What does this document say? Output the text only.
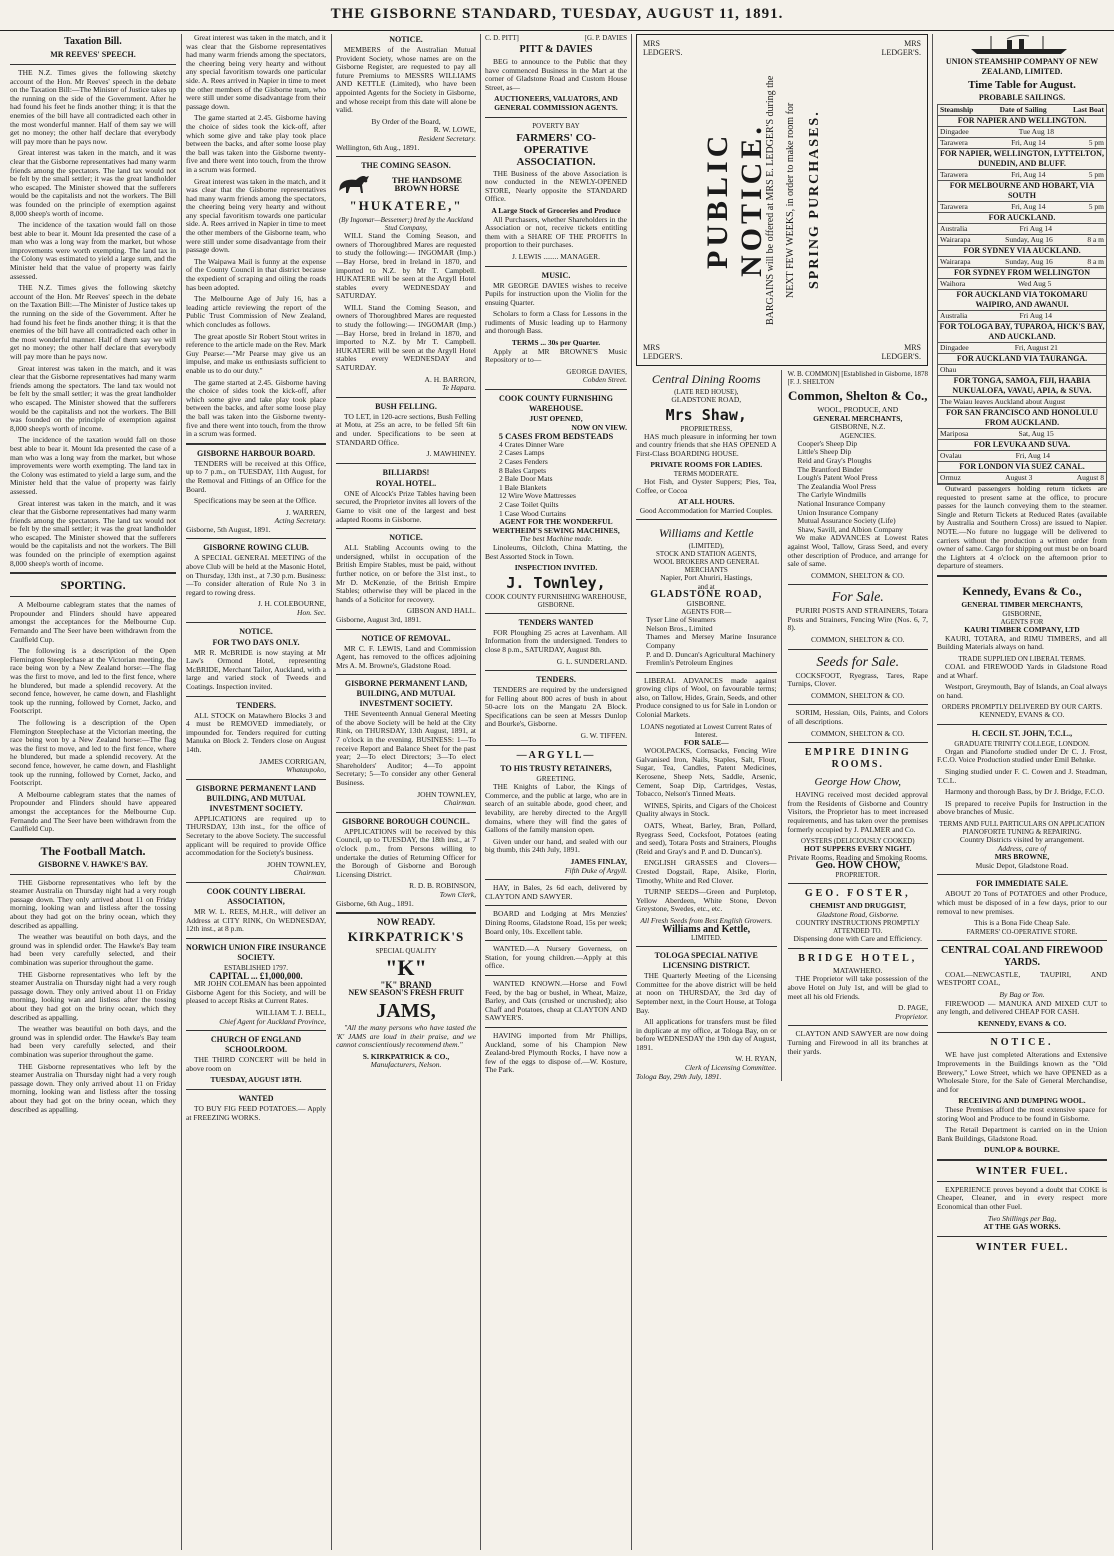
THE GISBORNE STANDARD, TUESDAY, AUGUST 11, 1891.
Taxation Bill.
MR REEVES' SPEECH.

THE N.Z. Times gives the following sketchy account of the Hon. Mr Reeves' speech in the debate on the Taxation Bill:—The Minister of Justice takes up the running on the side of the Government. After he had found his feet he finds another thing; it is that the enemies of the bill have all contradicted each other in the most wonderful manner. Half of them say we will get no money; the other half declare that everybody will pay more than he pays now.

Great interest was taken in the match, and it was clear that the Gisborne representatives had many warm friends among the spectators. The land tax would not be felt by the small settler; it was the great landholder who escaped. The Minister showed that the sufferers would be the capitalists and not the workers. The Bill was founded on the principle of exemption against 8,000 sheep's worth of income.

The incidence of the taxation would fall on those best able to bear it. Mount Ida presented the case of a man who was a long way from the market, but whose improvements were worth exempting. The land tax in the Colony was estimated to yield a large sum, and the Minister held that the value of property was fairly assessed.

THE N.Z. Times gives the following sketchy account of the Hon. Mr Reeves' speech in the debate on the Taxation Bill:—The Minister of Justice takes up the running on the side of the Government. After he had found his feet he finds another thing; it is that the enemies of the bill have all contradicted each other in the most wonderful manner. Half of them say we will get no money; the other half declare that everybody will pay more than he pays now.

Great interest was taken in the match, and it was clear that the Gisborne representatives had many warm friends among the spectators. The land tax would not be felt by the small settler; it was the great landholder who escaped. The Minister showed that the sufferers would be the capitalists and not the workers. The Bill was founded on the principle of exemption against 8,000 sheep's worth of income.

The incidence of the taxation would fall on those best able to bear it. Mount Ida presented the case of a man who was a long way from the market, but whose improvements were worth exempting. The land tax in the Colony was estimated to yield a large sum, and the Minister held that the value of property was fairly assessed.

Great interest was taken in the match, and it was clear that the Gisborne representatives had many warm friends among the spectators. The land tax would not be felt by the small settler; it was the great landholder who escaped. The Minister showed that the sufferers would be the capitalists and not the workers. The Bill was founded on the principle of exemption against 8,000 sheep's worth of income.

SPORTING.

A Melbourne cablegram states that the names of Propounder and Flinders should have appeared amongst the acceptances for the Melbourne Cup. Fernando and The Seer have been withdrawn from the Caulfield Cup.

The following is a description of the Open Flemington Steeplechase at the Victorian meeting, the race being won by a New Zealand horse:—The flag was the first to move, and led to the first fence, where he blundered, but made a splendid recovery. At the second fence, however, he came down, and Flashlight took up the running, followed by Cornet, Jacko, and Footscript.

The following is a description of the Open Flemington Steeplechase at the Victorian meeting, the race being won by a New Zealand horse:—The flag was the first to move, and led to the first fence, where he blundered, but made a splendid recovery. At the second fence, however, he came down, and Flashlight took up the running, followed by Cornet, Jacko, and Footscript.

A Melbourne cablegram states that the names of Propounder and Flinders should have appeared amongst the acceptances for the Melbourne Cup. Fernando and The Seer have been withdrawn from the Caulfield Cup.

The Football Match.
GISBORNE V. HAWKE'S BAY.

THE Gisborne representatives who left by the steamer Australia on Thursday night had a very rough passage down. They only arrived about 11 on Friday morning, looking wan and listless after the tossing about they had got on the briny ocean, which they described as appalling.

The weather was beautiful on both days, and the ground was in splendid order. The Hawke's Bay team had been very carefully selected, and their combination was superior throughout the game.

THE Gisborne representatives who left by the steamer Australia on Thursday night had a very rough passage down. They only arrived about 11 on Friday morning, looking wan and listless after the tossing about they had got on the briny ocean, which they described as appalling.

The weather was beautiful on both days, and the ground was in splendid order. The Hawke's Bay team had been very carefully selected, and their combination was superior throughout the game.

THE Gisborne representatives who left by the steamer Australia on Thursday night had a very rough passage down. They only arrived about 11 on Friday morning, looking wan and listless after the tossing about they had got on the briny ocean, which they described as appalling.

Great interest was taken in the match, and it was clear that the Gisborne representatives had many warm friends among the spectators, the cheering being very hearty and without any special favoritism towards one particular side. A. Rees arrived in Napier in time to meet the other members of the Gisborne team, who were still under some disadvantage from their passage down.

The game started at 2.45. Gisborne having the choice of sides took the kick-off, after which some give and take play took place between the backs, and after some loose play the ball was taken into the Gisborne twenty-five and there went into touch, from the throw in a scrum was formed.

Great interest was taken in the match, and it was clear that the Gisborne representatives had many warm friends among the spectators, the cheering being very hearty and without any special favoritism towards one particular side. A. Rees arrived in Napier in time to meet the other members of the Gisborne team, who were still under some disadvantage from their passage down.

The Waipawa Mail is funny at the expense of the County Council in that district because the expedient of scraping and oiling the roads has been adopted.

The Melbourne Age of July 16, has a leading article reviewing the report of the Public Trust Commission of New Zealand, which concludes as follows.

The great apostle Sir Robert Stout writes in reference to the article made on the Rev. Mark Guy Pearse:—"Mr Pearse may give us an impulse, and make us enthusiasts sufficient to enable us to do our duty."

The game started at 2.45. Gisborne having the choice of sides took the kick-off, after which some give and take play took place between the backs, and after some loose play the ball was taken into the Gisborne twenty-five and there went into touch, from the throw in a scrum was formed.

GISBORNE HARBOUR BOARD.

TENDERS will be received at this Office, up to 7 p.m., on TUESDAY, 11th August, for the Removal and Fittings of an Office for the Board.

Specifications may be seen at the Office.

J. WARREN,
Acting Secretary.
Gisborne, 5th August, 1891.
GISBORNE ROWING CLUB.

A SPECIAL GENERAL MEETING of the above Club will be held at the Masonic Hotel, on Thursday, 13th inst., at 7.30 p.m. Business:—To consider alteration of Rule No 3 in regard to rowing dress.

J. H. COLEBOURNE,
Hon. Sec.
NOTICE.
FOR TWO DAYS ONLY.

MR R. McBRIDE is now staying at Mr Law's Ormond Hotel, representing McBRIDE, Merchant Tailor, Auckland, with a large and varied stock of Tweeds and Coatings. Inspection invited.

TENDERS.

ALL STOCK on Matawhero Blocks 3 and 4 must be REMOVED immediately, or impounded for. Tenders required for cutting Manuka on Block 2. Tenders close on August 14th.

JAMES CORRIGAN,
Whataupoko,
GISBORNE PERMANENT LAND BUILDING, AND MUTUAL INVESTMENT SOCIETY.

APPLICATIONS are required up to THURSDAY, 13th inst., for the office of Secretary to the above Society. The successful applicant will be required to provide Office accommodation for the Society's business.

JOHN TOWNLEY,
Chairman.
COOK COUNTY LIBERAL ASSOCIATION,

MR W. L. REES, M.H.R., will deliver an Address at CITY RINK, On WEDNESDAY, 12th inst., at 8 p.m.

NORWICH UNION FIRE INSURANCE SOCIETY.
ESTABLISHED 1797.
CAPITAL ... £1,000,000.

MR JOHN COLEMAN has been appointed Gisborne Agent for this Society, and will be pleased to accept Risks at Current Rates.

WILLIAM T. J. BELL,
Chief Agent for Auckland Province,
CHURCH OF ENGLAND SCHOOLROOM.

THE THIRD CONCERT will be held in above room on

TUESDAY, AUGUST 18TH.
WANTED

TO BUY FIG FEED POTATOES.— Apply at FREEZING WORKS.

NOTICE.

MEMBERS of the Australian Mutual Provident Society, whose names are on the Gisborne Register, are requested to pay all future Premiums to MESSRS WILLIAMS AND KETTLE (Limited), who have been appointed Agents for the Society in Gisborne, and whose receipt from this date will alone be valid.

By Order of the Board,
R. W. LOWE,
Resident Secretary.
Wellington, 6th Aug., 1891.
THE COMING SEASON.
THE HANDSOME
BROWN HORSE
"HUKATERE,"
(By Ingomar—Bessemer;) bred by the Auckland Stud Company,

WILL Stand the Coming Season, and owners of Thoroughbred Mares are requested to study the following:— INGOMAR (Imp.)—Bay Horse, bred in Ireland in 1870, and imported to N.Z. by Mr T. Campbell. HUKATERE will be seen at the Argyll Hotel stables every WEDNESDAY and SATURDAY.

WILL Stand the Coming Season, and owners of Thoroughbred Mares are requested to study the following:— INGOMAR (Imp.)—Bay Horse, bred in Ireland in 1870, and imported to N.Z. by Mr T. Campbell. HUKATERE will be seen at the Argyll Hotel stables every WEDNESDAY and SATURDAY.

A. H. BARRON,
Te Hapara.
BUSH FELLING.

TO LET, in 120-acre sections, Bush Felling at Motu, at 25s an acre, to be felled 5ft 6in and under. Specifications to be seen at STANDARD Office.

J. MAWHINEY.
BILLIARDS!
ROYAL HOTEL.

ONE of Alcock's Prize Tables having been secured, the Proprietor invites all lovers of the Game to visit one of the largest and best adapted Rooms in Gisborne.

NOTICE.

ALL Stabling Accounts owing to the undersigned, whilst in occupation of the British Empire Stables, must be paid, without further notice, on or before the 31st inst., to Mr D. McKenzie, of the British Empire Stables; otherwise they will be placed in the hands of a Solicitor for recovery.

GIBSON AND HALL.
Gisborne, August 3rd, 1891.
NOTICE OF REMOVAL.

MR C. F. LEWIS, Land and Commission Agent, has removed to the offices adjoining Mrs A. M. Browne's, Gladstone Road.

GISBORNE PERMANENT LAND, BUILDING, AND MUTUAL INVESTMENT SOCIETY.

THE Seventeenth Annual General Meeting of the above Society will be held at the City Rink, on THURSDAY, 13th August, 1891, at 7 o'clock in the evening. BUSINESS: 1—To receive Report and Balance Sheet for the past year; 2—To elect Directors; 3—To elect Shareholders' Auditor; 4—To appoint Secretary; 5—To consider any other General Business.

JOHN TOWNLEY,
Chairman.
GISBORNE BOROUGH COUNCIL.

APPLICATIONS will be received by this Council, up to TUESDAY, the 18th inst., at 7 o'clock p.m., from Persons willing to undertake the duties of Returning Officer for the Borough of Gisborne and Borough Licensing District.

R. D. B. ROBINSON,
Town Clerk,
Gisborne, 6th Aug., 1891.
NOW READY.
KIRKPATRICK'S
SPECIAL QUALITY
"K"
"K" BRAND
NEW SEASON'S FRESH FRUIT
JAMS,

"All the many persons who have tasted the 'K' JAMS are loud in their praise, and we cannot conscientiously recommend them."

S. KIRKPATRICK & CO.,
Manufacturers, Nelson.
C. D. PITT]	[G. P. DAVIES
PITT & DAVIES

BEG to announce to the Public that they have commenced Business in the Mart at the corner of Gladstone Road and Custom House Street, as—

AUCTIONEERS, VALUATORS, AND GENERAL COMMISSION AGENTS.
POVERTY BAY
FARMERS' CO-OPERATIVE ASSOCIATION.

THE Business of the above Association is now conducted in the NEWLY-OPENED STORE, Nearly opposite the STANDARD Office.

A Large Stock of Groceries and Produce

All Purchasers, whether Shareholders in the Association or not, receive tickets entitling them with a SHARE OF THE PROFITS In proportion to their purchases.

J. LEWIS ........ MANAGER.
MUSIC.

MR GEORGE DAVIES wishes to receive Pupils for instruction upon the Violin for the ensuing Quarter.

Scholars to form a Class for Lessons in the rudiments of Music leading up to Harmony and thorough Bass.

TERMS ... 30s per Quarter.

Apply at MR BROWNE'S Music Repository or to—

GEORGE DAVIES,
Cobden Street.
COOK COUNTY FURNISHING WAREHOUSE.
JUST OPENED,
NOW ON VIEW.
5 CASES FROM BEDSTEADS
4 Crates Dinner Ware
2 Cases Lamps
2 Cases Fenders
8 Bales Carpets
2 Bale Door Mats
1 Bale Blankets
12 Wire Wove Mattresses
2 Case Toilet Quilts
1 Case Wood Curtains
AGENT FOR THE WONDERFUL WERTHEIM'S SEWING MACHINES,
The best Machine made.

Linoleums, Oilcloth, China Matting, the Best Assorted Stock in Town.

INSPECTION INVITED.
J. Townley,
COOK COUNTY FURNISHING WAREHOUSE, GISBORNE.
TENDERS WANTED

FOR Ploughing 25 acres at Lavenham. All Information from the undersigned. Tenders to close 8 p.m., SATURDAY, August 8th.

G. L. SUNDERLAND.
TENDERS.

TENDERS are required by the undersigned for Felling about 800 acres of bush in about 50-acre lots on the Mangatu 2A Block. Specifications can be seen at Messrs Dunlop and Bourke's, Gisborne.

G. W. TIFFEN.
—ARGYLL—
TO HIS TRUSTY RETAINERS,
GREETING.

THE Knights of Labor, the Kings of Commerce, and the public at large, who are in search of an suitable abode, good cheer, and levability, are hereby directed to the Argyll domains, where they will find the gates of Gallons of the family mansion open.

Given under our hand, and sealed with our big thumb, this 24th July, 1891.

JAMES FINLAY,
Fifth Duke of Argyll.

HAY, in Bales, 2s 6d each, delivered by CLAYTON AND SAWYER.

BOARD and Lodging at Mrs Menzies' Dining Rooms, Gladstone Road, 15s per week; Board only, 10s. Excellent table.

WANTED.—A Nursery Governess, on Station, for young children.—Apply at this office.

WANTED KNOWN.—Horse and Fowl Feed, by the bag or bushel, in Wheat, Maize, Barley, and Oats (crushed or uncrushed); also Chaff and Potatoes, cheap at CLAYTON AND SAWYER'S.

HAVING imported from Mr Phillips, Auckland, some of his Champion New Zealand-bred Plymouth Rocks, I have now a few of the eggs to dispose of.—W. Kosture, The Park.

MRS
LEDGER'S.
MRS
LEDGER'S.
MRS
LEDGER'S.
MRS
LEDGER'S.
PUBLIC NOTICE.
BARGAINS will be offered at MRS E. LEDGER'S during the NEXT FEW WEEKS, in order to make room for SPRING PURCHASES.
Central Dining Rooms
(LATE RED HOUSE),
GLADSTONE ROAD,
Mrs Shaw,
PROPRIETRESS,

HAS much pleasure in informing her town and country friends that she HAS OPENED A First-Class BOARDING HOUSE.

PRIVATE ROOMS FOR LADIES.
TERMS MODERATE.

Hot Fish, and Oyster Suppers; Pies, Tea, Coffee, or Cocoa

AT ALL HOURS.
Good Accommodation for Married Couples.
Williams and Kettle
(LIMITED),
STOCK AND STATION AGENTS,
WOOL BROKERS AND GENERAL MERCHANTS
Napier, Port Ahuriri, Hastings,
and at
GLADSTONE ROAD,
GISBORNE.
AGENTS FOR—
Tyser Line of Steamers
Nelson Bros., Limited
Thames and Mersey Marine Insurance Company
P. and D. Duncan's Agricultural Machinery
Fremlin's Petroleum Engines

LIBERAL ADVANCES made against growing clips of Wool, on favourable terms; also, on Tallow, Hides, Grain, Seeds, and other Produce consigned to us for Sale in London or Colonial Markets.

LOANS negotiated at Lowest Current Rates of Interest.
FOR SALE—

WOOLPACKS, Cornsacks, Fencing Wire Galvanised Iron, Nails, Staples, Salt, Flour, Sugar, Tea, Candles, Patent Medicines, Kerosene, Sheep Nets, Saddle, Arsenic, Cement, Soap Dip, Cartridges, Vestas, Tobacco, Nelson's Tinned Meats.

WINES, Spirits, and Cigars of the Choicest Quality always in Stock.

OATS, Wheat, Barley, Bran, Pollard, Ryegrass Seed, Cocksfoot, Potatoes (eating and seed), Totara Posts and Strainers, Ploughs (Reid and Gray's and P. and D. Duncan's).

ENGLISH GRASSES and Clovers—Crested Dogstail, Rape, Alsike, Florin, Timothy, White and Red Clover.

TURNIP SEEDS—Green and Purpletop, Yellow Aberdeen, White Stone, Devon Greystone, Swedes, etc., etc.

All Fresh Seeds from Best English Growers.
Williams and Kettle,
LIMITED.
TOLOGA SPECIAL NATIVE LICENSING DISTRICT.

THE Quarterly Meeting of the Licensing Committee for the above district will be held at noon on THURSDAY, the 3rd day of September next, in the Court House, at Tologa Bay.

All applications for transfers must be filed in duplicate at my office, at Tologa Bay, on or before WEDNESDAY the 19th day of August, 1891.

W. H. RYAN,
Clerk of Licensing Committee.
Tologa Bay, 29th July, 1891.
W. B. COMMON] [Established in Gisborne, 1878
[F. J. SHELTON
Common, Shelton & Co.,
WOOL, PRODUCE, AND
GENERAL MERCHANTS,
GISBORNE, N.Z.
AGENCIES.
Cooper's Sheep Dip
Little's Sheep Dip
Reid and Gray's Ploughs
The Brantford Binder
Lough's Patent Wool Press
The Zealandia Wool Press
The Carlyle Windmills
National Insurance Company
Union Insurance Company
Mutual Assurance Society (Life)
Shaw, Savill, and Albion Company

We make ADVANCES at Lowest Rates against Wool, Tallow, Grass Seed, and every other description of Produce, and arrange for sale of same.

COMMON, SHELTON & CO.
For Sale.

PURIRI POSTS AND STRAINERS, Totara Posts and Strainers, Fencing Wire (Nos. 6, 7, 8).

COMMON, SHELTON & CO.
Seeds for Sale.

COCKSFOOT, Ryegrass, Tares, Rape Turnips, Clover.

COMMON, SHELTON & CO.

SORIM, Hessian, Oils, Paints, and Colors of all descriptions.

COMMON, SHELTON & CO.
EMPIRE DINING ROOMS.
George How Chow,

HAVING received most decided approval from the Residents of Gisborne and Country Visitors, the Proprietor has to meet increased requirements, and has taken over the premises formerly occupied by J. PALMER and Co.

OYSTERS (DELICIOUSLY COOKED)
HOT SUPPERS EVERY NIGHT.
Private Rooms, Reading and Smoking Rooms.
Geo. HOW CHOW,
PROPRIETOR.
GEO. FOSTER,
CHEMIST AND DRUGGIST,
Gladstone Road, Gisborne.
COUNTRY INSTRUCTIONS PROMPTLY ATTENDED TO.
Dispensing done with Care and Efficiency.
BRIDGE HOTEL,
MATAWHERO.

THE Proprietor will take possession of the above Hotel on July 1st, and will be glad to meet all his old Friends.

D. PAGE,
Proprietor.

CLAYTON AND SAWYER are now doing Turning and Firewood in all its branches at their yards.

UNION STEAMSHIP COMPANY OF NEW ZEALAND, LIMITED.
Time Table for August.
PROBABLE SAILINGS.
Steamship	Date of Sailing	Last Boat
FOR NAPIER AND WELLINGTON.
Dingadee	Tue Aug 18
Tarawera	Fri, Aug 14	5 pm
FOR NAPIER, WELLINGTON, LYTTELTON, DUNEDIN, AND BLUFF.
Tarawera	Fri, Aug 14	5 pm
FOR MELBOURNE AND HOBART, VIA SOUTH
Tarawera	Fri, Aug 14	5 pm
FOR AUCKLAND.
Australia	Fri Aug 14
Wairarapa	Sunday, Aug 16	8 a m
FOR SYDNEY VIA AUCKLAND.
Wairarapa	Sunday, Aug 16	8 a m
FOR SYDNEY FROM WELLINGTON
Waihora	Wed Aug 5
FOR AUCKLAND VIA TOKOMARU WAIPIRO, AND AWANUI.
Australia	Fri Aug 14
FOR TOLOGA BAY, TUPAROA, HICK'S BAY, AND AUCKLAND.
Dingadee	Fri, August 21
FOR AUCKLAND VIA TAURANGA.
Ohau
FOR TONGA, SAMOA, FIJI, HAABIA NUKUALOFA, VAVAU, APIA, & SUVA.
The Waiau leaves Auckland about August
FOR SAN FRANCISCO AND HONOLULU FROM AUCKLAND.
Mariposa	Sat, Aug 15
FOR LEVUKA AND SUVA.
Ovalau	Fri, Aug 14
FOR LONDON VIA SUEZ CANAL.
Ormuz	August 3	August 8

Outward passengers holding return tickets are requested to present same at the office, to procure passes for the launch conveying them to the steamer. Single and Return Tickets at Reduced Rates (available by Australia and Southern Cross) are issued to Napier. NOTE.—No future no luggage will be delivered to carriers without the production a written order from owner of same. Cargo for shipping out must be on board the Lighters at 4 o'clock on the afternoon prior to departure of steamers.

Kennedy, Evans & Co.,
GENERAL TIMBER MERCHANTS,
GISBORNE,
AGENTS FOR
KAURI TIMBER COMPANY, LTD

KAURI, TOTARA, and RIMU TIMBERS, and all Building Materials always on hand.

TRADE SUPPLIED ON LIBERAL TERMS.

COAL and FIREWOOD Yards in Gladstone Road and at Wharf.

Westport, Greymouth, Bay of Islands, an Coal always on hand.

ORDERS PROMPTLY DELIVERED BY OUR CARTS.
KENNEDY, EVANS & CO.
H. CECIL ST. JOHN, T.C.L.,
GRADUATE TRINITY COLLEGE, LONDON.

Organ and Pianoforte studied under Dr C. J. Frost, F.C.O. Voice Production studied under Emil Behnke.

Singing studied under F. C. Cowen and J. Steadman, T.C.L.

Harmony and thorough Bass, by Dr J. Bridge, F.C.O.

IS prepared to receive Pupils for Instruction in the above branches of Music.

TERMS AND FULL PARTICULARS ON APPLICATION
PIANOFORTE TUNING & REPAIRING.
Country Districts visited by arrangement.
Address, care of
MRS BROWNE,
Music Depot, Gladstone Road.
FOR IMMEDIATE SALE.

ABOUT 20 Tons of POTATOES and other Produce, which must be disposed of in a few days, prior to our removal to new premises.

This is a Bona Fide Cheap Sale.
FARMERS' CO-OPERATIVE STORE.
CENTRAL COAL AND FIREWOOD YARDS.

COAL—NEWCASTLE, TAUPIRI, AND WESTPORT COAL,

By Bag or Ton.

FIREWOOD — MANUKA AND MIXED CUT to any length, and delivered CHEAP FOR CASH.

KENNEDY, EVANS & CO.
NOTICE.

WE have just completed Alterations and Extensive Improvements in the Buildings known as the "Old Brewery," Lowe Street, which we have OPENED as a Wholesale Store, for the Sale of General Merchandise, and for

RECEIVING AND DUMPING WOOL.

These Premises afford the most extensive space for storing Wool and Produce to be found in Gisborne.

The Retail Department is carried on in the Union Bank Buildings, Gladstone Road.

DUNLOP & BOURKE.
WINTER FUEL.

EXPERIENCE proves beyond a doubt that COKE is Cheaper, Cleaner, and in every respect more Economical than other Fuel.

Two Shillings per Bag,
AT THE GAS WORKS.
WINTER FUEL.
